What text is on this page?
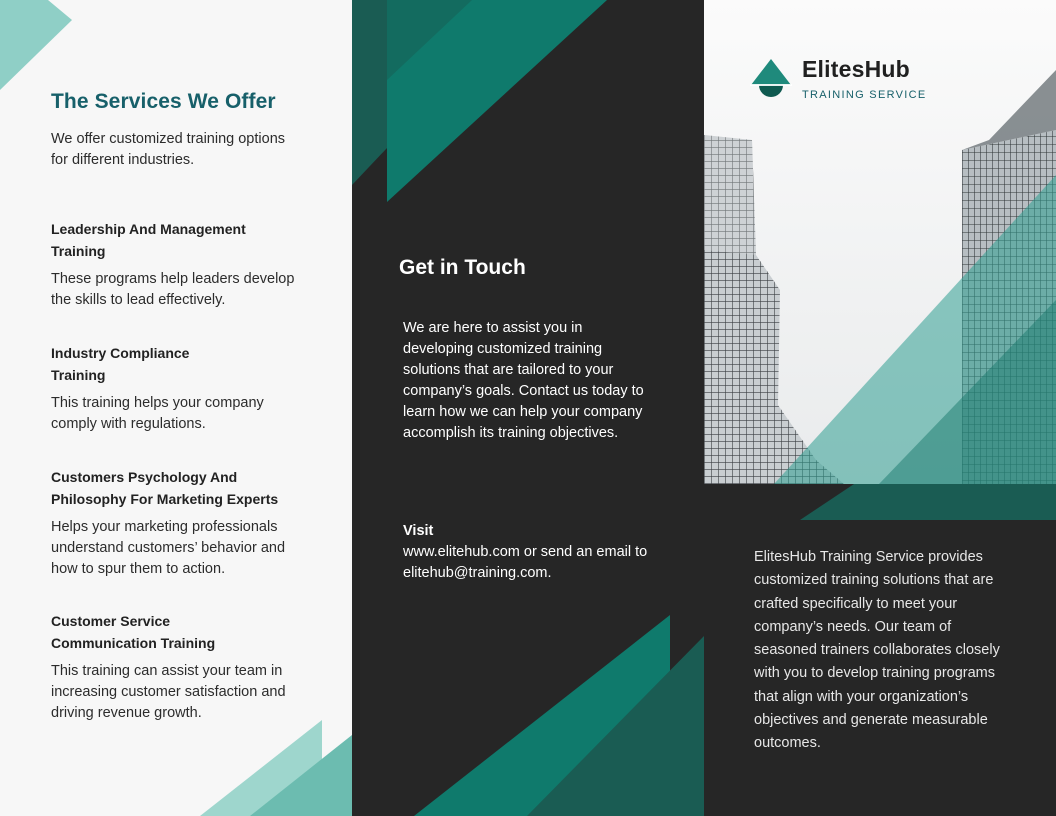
The Services We Offer

We offer customized training options for different industries.

Leadership And Management Training

These programs help leaders develop the skills to lead effectively.

Industry Compliance Training

This training helps your company comply with regulations.

Customers Psychology And Philosophy For Marketing Experts

Helps your marketing professionals understand customers’ behavior and how to spur them to action.

Customer Service Communication Training

This training can assist your team in increasing customer satisfaction and driving revenue growth.

Get in Touch

We are here to assist you in developing customized training solutions that are tailored to your company’s goals. Contact us today to learn how we can help your company accomplish its training objectives.

Visit

www.elitehub.com or send an email to elitehub@training.com.

ElitesHub

TRAINING SERVICE

ElitesHub Training Service provides customized training solutions that are crafted specifically to meet your company’s needs. Our team of seasoned trainers collaborates closely with you to develop training programs that align with your organization’s objectives and generate measurable outcomes.
